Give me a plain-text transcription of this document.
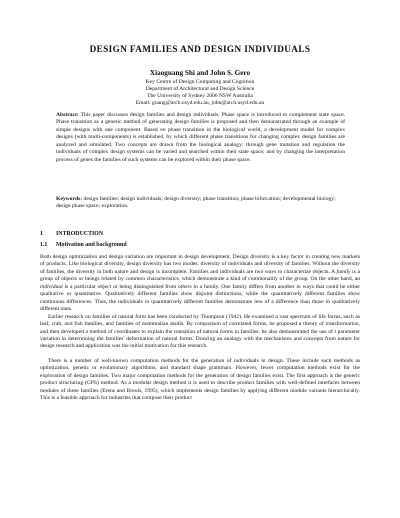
DESIGN FAMILIES AND DESIGN INDIVIDUALS
Xiaoguang Shi and John S. Gero
Key Centre of Design Computing and Cognition
Department of Architectural and Design Science
The University of Sydney 2006 NSW Australia
Email: guang@arch.usyd.edu.au, john@arch.usyd.edu.au
Abstract: This paper discusses design families and design individuals. Phase space is introduced to complement state space. Phase transition as a generic method of generating design families is proposed and then demonstrated through an example of simple designs with one component. Based on phase transition in the biological world, a development model for complex designs (with multi-components) is established, by which different phase transitions for changing complex design families are analyzed and simulated. Two concepts are drawn from the biological analogy: through gene mutation and regulation the individuals of complex design systems can be varied and searched within their state space; and by changing the interpretation process of genes the families of such systems can be explored within their phase space.
Keywords: design families; design individuals; design diversity; phase transition; phase bifurcation; developmental biology; design phase space; exploration.
1 INTRODUCTION
1.1 Motivation and background

Both design optimization and design variation are important in design development. Design diversity is a key factor in creating new markets of products. Like biological diversity, design diversity has two modes: diversity of individuals and diversity of families. Without the diversity of families, the diversity in both nature and design is incomplete. Families and individuals are two ways to characterize objects. A family is a group of objects or beings related by common characteristics, which demonstrate a kind of commonality of the group. On the other hand, an individual is a particular object or being distinguished from others in a family. One family differs from another in ways that could be either qualitative or quantitative. Qualitatively different families show disjoint distinctions, while the quantitatively different families show continuous differences. Thus, the individuals in quantitatively different families demonstrate less of a difference than those in qualitatively different ones.

Earlier research on families of natural form has been conducted by Thompson (1942). He examined a vast spectrum of life forms, such as leaf, crab, and fish families, and families of mammalian skulls. By comparison of correlated forms, he proposed a theory of transformation, and then developed a method of coordinates to explain the transition of natural forms in families. he also demonstrated the use of t parameter variation in determining the families' deformation of natural forms. Drawing an analogy with the mechanisms and concepts from nature for design research and application was the initial motivation for this research.

There is a number of well-known computation methods for the generation of individuals in design. These include such methods as optimization, genetic or evolutionary algorithms, and standard shape grammars. However, fewer computation methods exist for the exploration of design families. Two major computation methods for the generation of design families exist. The first approach is the generic product structuring (GPS) method. As a modular design method it is used to describe product families with well-defined interfaces between modules of these families (Erens and Breuls, 1995), which implements design families by applying different module variants hierarchically. This is a feasible approach for industries that compose their product
